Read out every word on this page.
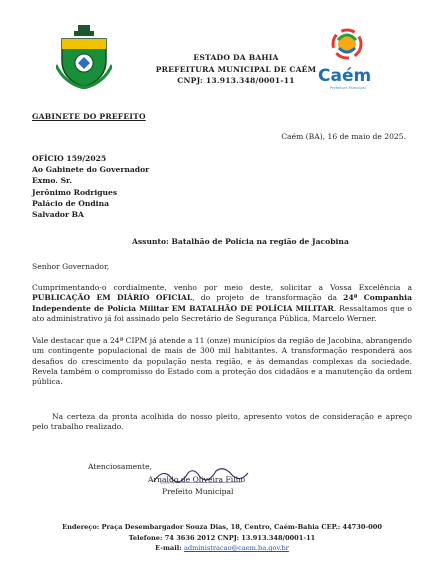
ESTADO DA BAHIA
PREFEITURA MUNICIPAL DE CAÉM
CNPJ: 13.913.348/0001-11	Caém
Prefeitura Municipal
GABINETE DO PREFEITO
Caém (BA), 16 de maio de 2025.
OFÍCIO 159/2025
Ao Gabinete do Governador
Exmo. Sr.
Jerônimo Rodrigues
Palácio de Ondina
Salvador BA
Assunto: Batalhão de Polícia na região de Jacobina
Senhor Governador,
Cumprimentando-o cordialmente, venho por meio deste, solicitar a Vossa Excelência a PUBLICAÇÃO EM DIÁRIO OFICIAL, do projeto de transformação da 24ª Companhia Independente de Polícia Militar EM BATALHÃO DE POLÍCIA MILITAR. Ressaltamos que o ato administrativo já foi assinado pelo Secretário de Segurança Pública, Marcelo Werner.
Vale destacar que a 24ª CIPM já atende a 11 (onze) municípios da região de Jacobina, abrangendo um contingente populacional de mais de 300 mil habitantes. A transformação responderá aos desafios do crescimento da população nesta região, e às demandas complexas da sociedade. Revela também o compromisso do Estado com a proteção dos cidadãos e a manutenção da ordem pública.
Na certeza da pronta acolhida do nosso pleito, apresento votos de consideração e apreço pelo trabalho realizado.
Atenciosamente,
Arnaldo de Oliveira Filho
Prefeito Municipal
Endereço: Praça Desembargador Souza Dias, 18, Centro, Caém-Bahia CEP.: 44730-000
Telefone: 74 3636 2012 CNPJ: 13.913.348/0001-11
E-mail: administracao@caem.ba.gov.br
